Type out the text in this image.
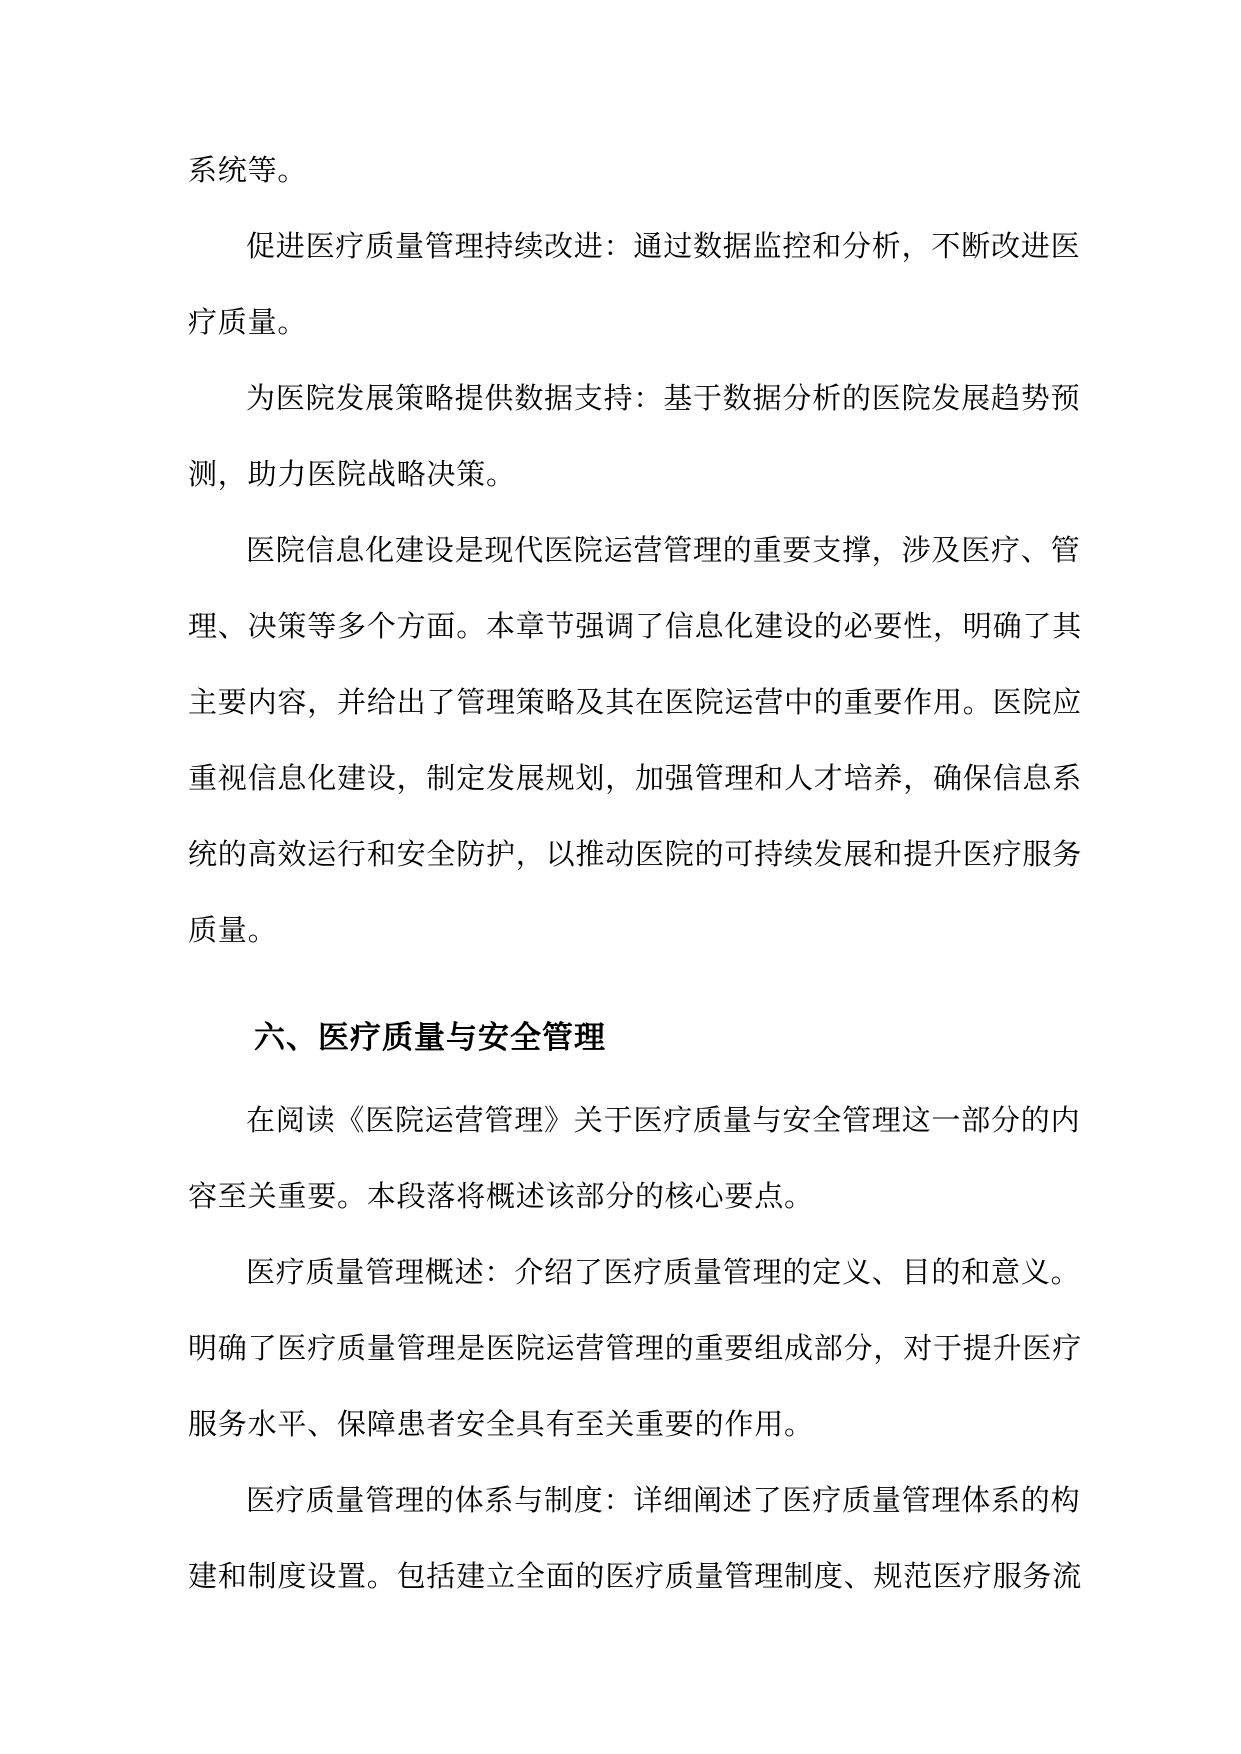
系统等。
促进医疗质量管理持续改进：通过数据监控和分析，不断改进医
疗质量。
为医院发展策略提供数据支持：基于数据分析的医院发展趋势预
测，助力医院战略决策。
医院信息化建设是现代医院运营管理的重要支撑，涉及医疗、管
理、决策等多个方面。本章节强调了信息化建设的必要性，明确了其
主要内容，并给出了管理策略及其在医院运营中的重要作用。医院应
重视信息化建设，制定发展规划，加强管理和人才培养，确保信息系
统的高效运行和安全防护，以推动医院的可持续发展和提升医疗服务
质量。
六、医疗质量与安全管理
在阅读《医院运营管理》关于医疗质量与安全管理这一部分的内
容至关重要。本段落将概述该部分的核心要点。
医疗质量管理概述：介绍了医疗质量管理的定义、目的和意义。
明确了医疗质量管理是医院运营管理的重要组成部分，对于提升医疗
服务水平、保障患者安全具有至关重要的作用。
医疗质量管理的体系与制度：详细阐述了医疗质量管理体系的构
建和制度设置。包括建立全面的医疗质量管理制度、规范医疗服务流
